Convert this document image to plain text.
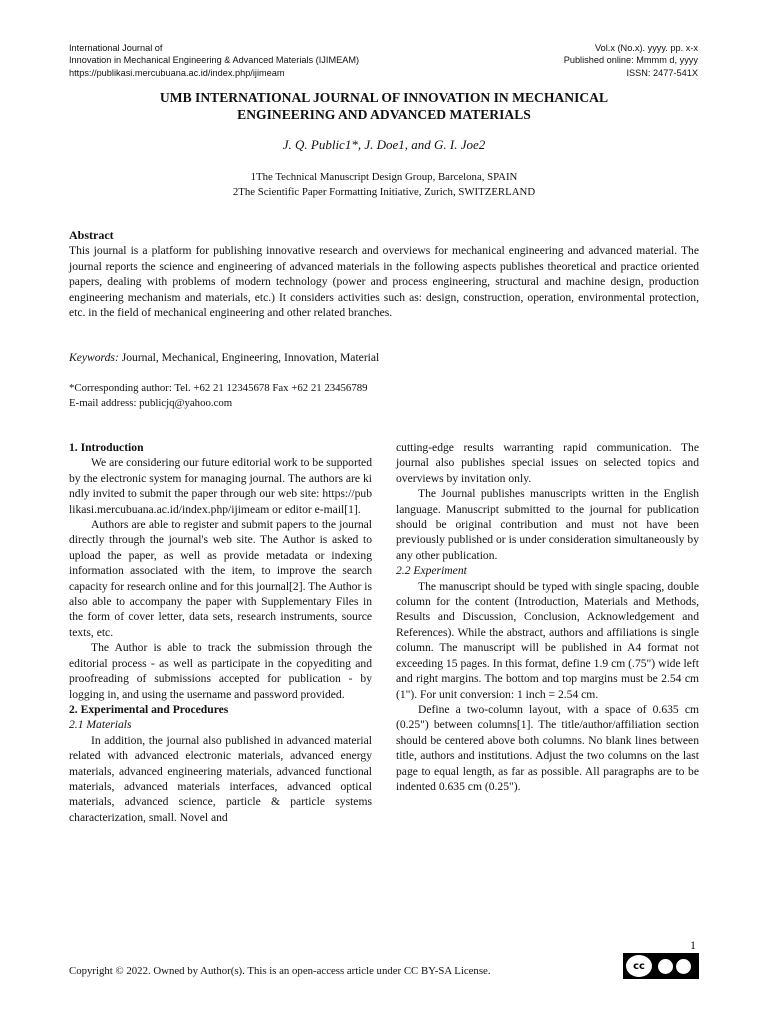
International Journal of
Innovation in Mechanical Engineering & Advanced Materials (IJIMEAM)
https://publikasi.mercubuana.ac.id/index.php/ijimeam
Vol.x (No.x). yyyy. pp. x-x
Published online: Mmmm d, yyyy
ISSN: 2477-541X
UMB INTERNATIONAL JOURNAL OF INNOVATION IN MECHANICAL
ENGINEERING AND ADVANCED MATERIALS
J. Q. Public1*, J. Doe1, and G. I. Joe2
1The Technical Manuscript Design Group, Barcelona, SPAIN
2The Scientific Paper Formatting Initiative, Zurich, SWITZERLAND
Abstract

This journal is a platform for publishing innovative research and overviews for mechanical engineering and advanced material. The journal reports the science and engineering of advanced materials in the following aspects publishes theoretical and practice oriented papers, dealing with problems of modern technology (power and process engineering, structural and machine design, production engineering mechanism and materials, etc.) It considers activities such as: design, construction, operation, environmental protection, etc. in the field of mechanical engineering and other related branches.

Keywords: Journal, Mechanical, Engineering, Innovation, Material
*Corresponding author: Tel. +62 21 12345678 Fax +62 21 23456789
E-mail address: publicjq@yahoo.com

1. Introduction

We are considering our future editorial work to be supported by the electronic system for managing journal. The authors are kindly invited to submit the paper through our web site: https://publikasi.mercubuana.ac.id/index.php/ijimeam or editor e-mail[1].

Authors are able to register and submit papers to the journal directly through the journal's web site. The Author is asked to upload the paper, as well as provide metadata or indexing information associated with the item, to improve the search capacity for research online and for this journal[2]. The Author is also able to accompany the paper with Supplementary Files in the form of cover letter, data sets, research instruments, source texts, etc.

The Author is able to track the submission through the editorial process - as well as participate in the copyediting and proofreading of submissions accepted for publication - by logging in, and using the username and password provided.

2. Experimental and Procedures

2.1 Materials

In addition, the journal also published in advanced material related with advanced electronic materials, advanced energy materials, advanced engineering materials, advanced functional materials, advanced materials interfaces, advanced optical materials, advanced science, particle & particle systems characterization, small. Novel and

cutting-edge results warranting rapid communication. The journal also publishes special issues on selected topics and overviews by invitation only.

The Journal publishes manuscripts written in the English language. Manuscript submitted to the journal for publication should be original contribution and must not have been previously published or is under consideration simultaneously by any other publication.

2.2 Experiment

The manuscript should be typed with single spacing, double column for the content (Introduction, Materials and Methods, Results and Discussion, Conclusion, Acknowledgement and References). While the abstract, authors and affiliations is single column. The manuscript will be published in A4 format not exceeding 15 pages. In this format, define 1.9 cm (.75") wide left and right margins. The bottom and top margins must be 2.54 cm (1"). For unit conversion: 1 inch = 2.54 cm.

Define a two-column layout, with a space of 0.635 cm (0.25") between columns[1]. The title/author/affiliation section should be centered above both columns. No blank lines between title, authors and institutions. Adjust the two columns on the last page to equal length, as far as possible. All paragraphs are to be indented 0.635 cm (0.25").

1
Copyright © 2022. Owned by Author(s). This is an open-access article under CC BY-SA License.	cc
